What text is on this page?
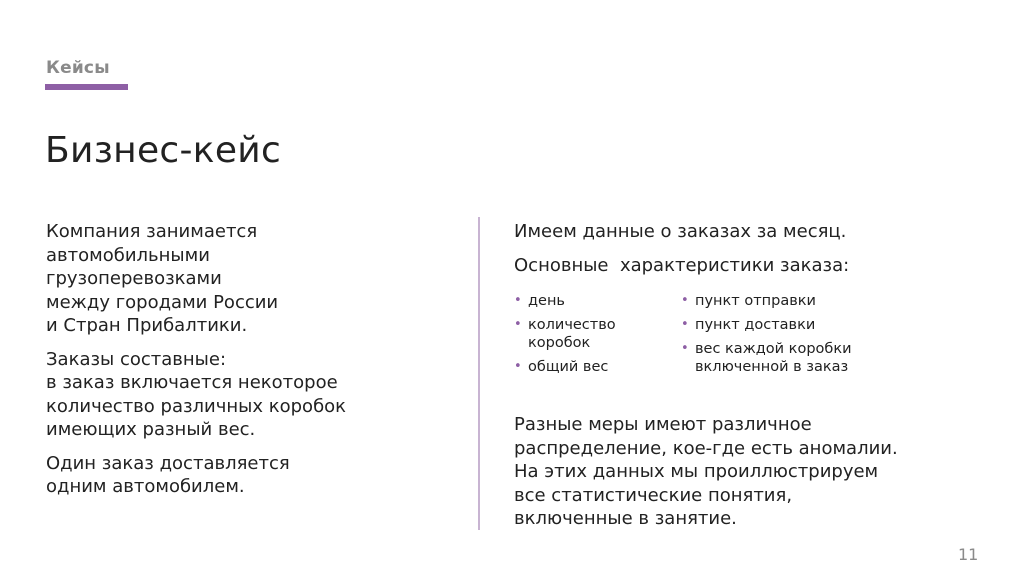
Кейсы
Бизнес-кейс

Компания занимается
автомобильными
грузоперевозками
между городами России
и Стран Прибалтики.

Заказы составные:
в заказ включается некоторое
количество различных коробок
имеющих разный вес.

Один заказ доставляется
одним автомобилем.

Имеем данные о заказах за месяц.
Основные  характеристики заказа:
• день
• количество
коробок
• общий вес
• пункт отправки
• пункт доставки
• вес каждой коробки
включенной в заказ
Разные меры имеют различное
распределение, кое-где есть аномалии.
На этих данных мы проиллюстрируем
все статистические понятия,
включенные в занятие.
11
